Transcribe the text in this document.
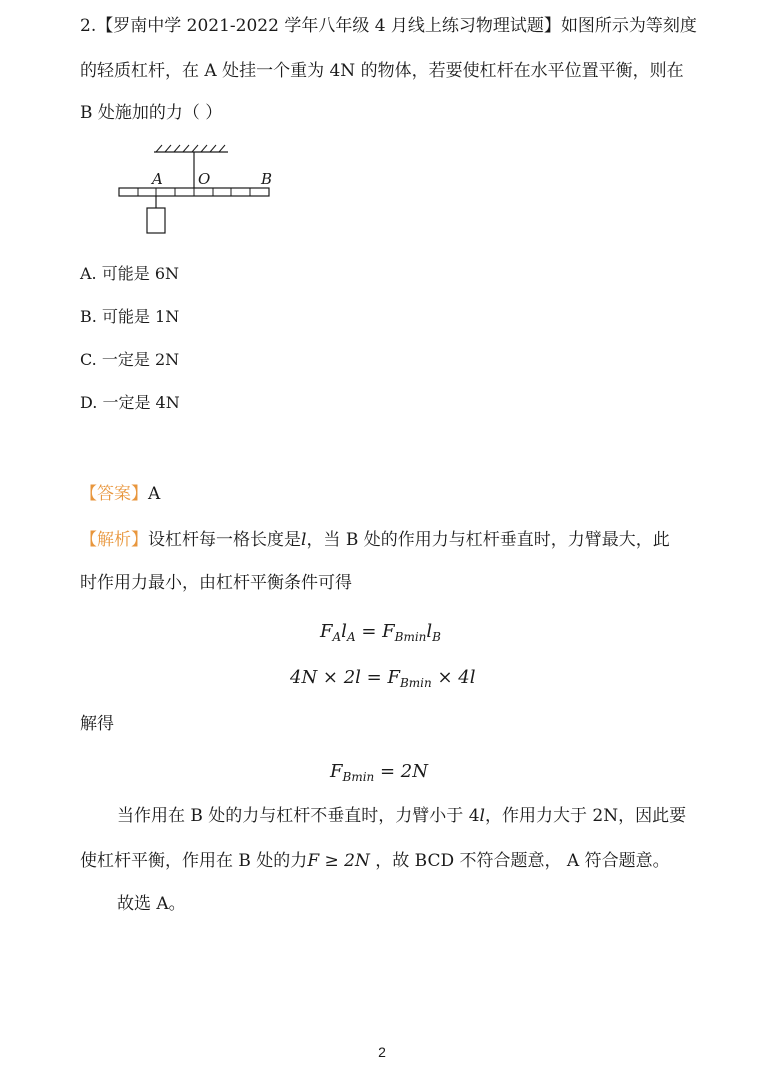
2.【罗南中学 2021-2022 学年八年级 4 月线上练习物理试题】如图所示为等刻度
的轻质杠杆，在 A 处挂一个重为 4N 的物体，若要使杠杆在水平位置平衡，则在
B 处施加的力（ ）
A O	B
A. 可能是 6N
B. 可能是 1N
C. 一定是 2N
D. 一定是 4N
【答案】A
【解析】设杠杆每一格长度是l，当 B 处的作用力与杠杆垂直时，力臂最大，此
时作用力最小，由杠杆平衡条件可得
$F_Al_A = F_{Bmin}l_B$
$4N \times 2l = F_{Bmin} \times 4l$
解得
$F_{Bmin} = 2N$
当作用在 B 处的力与杠杆不垂直时，力臂小于 4l，作用力大于 2N，因此要
使杠杆平衡，作用在 B 处的力F ≥ 2N ，故 BCD 不符合题意， A 符合题意。
故选 A。
2
